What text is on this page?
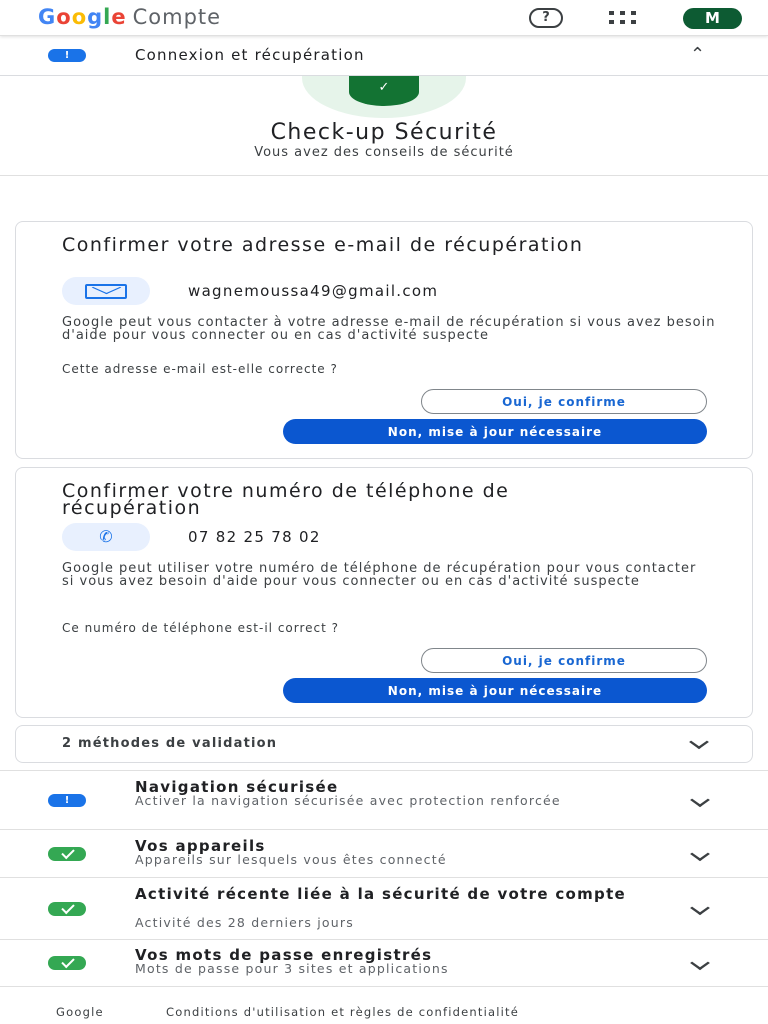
G o o g l e Compte	?	M
!	Connexion et récupération	⌃
✓
Check-up Sécurité
Vous avez des conseils de sécurité
Confirmer votre adresse e-mail de récupération
wagnemoussa49@gmail.com
Google peut vous contacter à votre adresse e-mail de récupération si vous avez besoin d'aide pour vous connecter ou en cas d'activité suspecte
Cette adresse e-mail est-elle correcte ?
Oui, je confirme
Non, mise à jour nécessaire
Confirmer votre numéro de téléphone de récupération
✆	07 82 25 78 02
Google peut utiliser votre numéro de téléphone de récupération pour vous contacter si vous avez besoin d'aide pour vous connecter ou en cas d'activité suspecte
Ce numéro de téléphone est-il correct ?
Oui, je confirme
Non, mise à jour nécessaire
2 méthodes de validation
!
Navigation sécurisée
Activer la navigation sécurisée avec protection renforcée
Vos appareils
Appareils sur lesquels vous êtes connecté
Activité récente liée à la sécurité de votre compte
Activité des 28 derniers jours
Vos mots de passe enregistrés
Mots de passe pour 3 sites et applications
Google	Conditions d'utilisation et règles de confidentialité
